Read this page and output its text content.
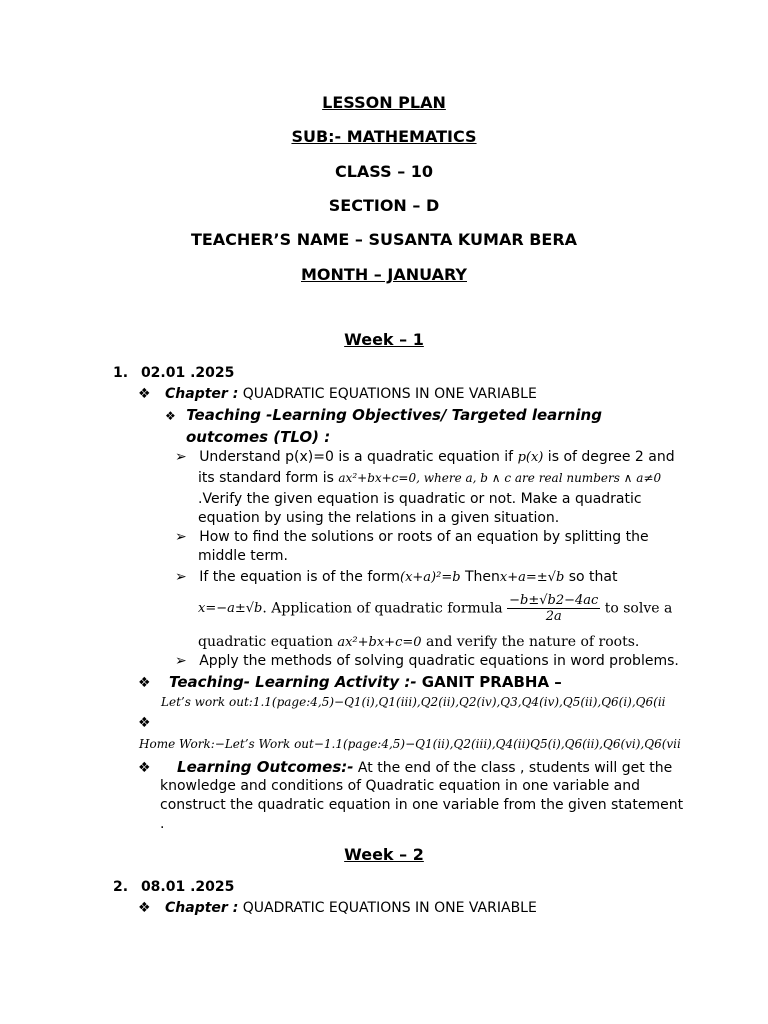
LESSON PLAN
SUB:- MATHEMATICS
CLASS – 10
SECTION – D
TEACHER’S NAME – SUSANTA KUMAR BERA
MONTH – JANUARY
Week – 1
1. 02.01 .2025
❖ Chapter : QUADRATIC EQUATIONS IN ONE VARIABLE
❖ Teaching -Learning Objectives/ Targeted learning
outcomes (TLO) :
➢ Understand p(x)=0 is a quadratic equation if p(x) is of degree 2 and
its standard form is ax²+bx+c=0, where a, b ∧ c are real numbers ∧ a≠0
.Verify the given equation is quadratic or not. Make a quadratic
equation by using the relations in a given situation.
➢ How to find the solutions or roots of an equation by splitting the
middle term.
➢ If the equation is of the form(x+a)²=b Thenx+a=±√b so that
x=−a±√b. Application of quadratic formula $\frac{-b\pm√b2-4ac}{2a}$ to solve a
quadratic equation ax²+bx+c=0 and verify the nature of roots.
➢ Apply the methods of solving quadratic equations in word problems.
❖ Teaching- Learning Activity :- GANIT PRABHA –
Let’s work out:1.1(page:4,5)−Q1(i),Q1(iii),Q2(ii),Q2(iv),Q3,Q4(iv),Q5(ii),Q6(i),Q6(ii
❖
Home Work:−Let’s Work out−1.1(page:4,5)−Q1(ii),Q2(iii),Q4(ii)Q5(i),Q6(ii),Q6(vi),Q6(vii
❖ Learning Outcomes:- At the end of the class , students will get the
knowledge and conditions of Quadratic equation in one variable and
construct the quadratic equation in one variable from the given statement
.
Week – 2
2. 08.01 .2025
❖ Chapter : QUADRATIC EQUATIONS IN ONE VARIABLE
